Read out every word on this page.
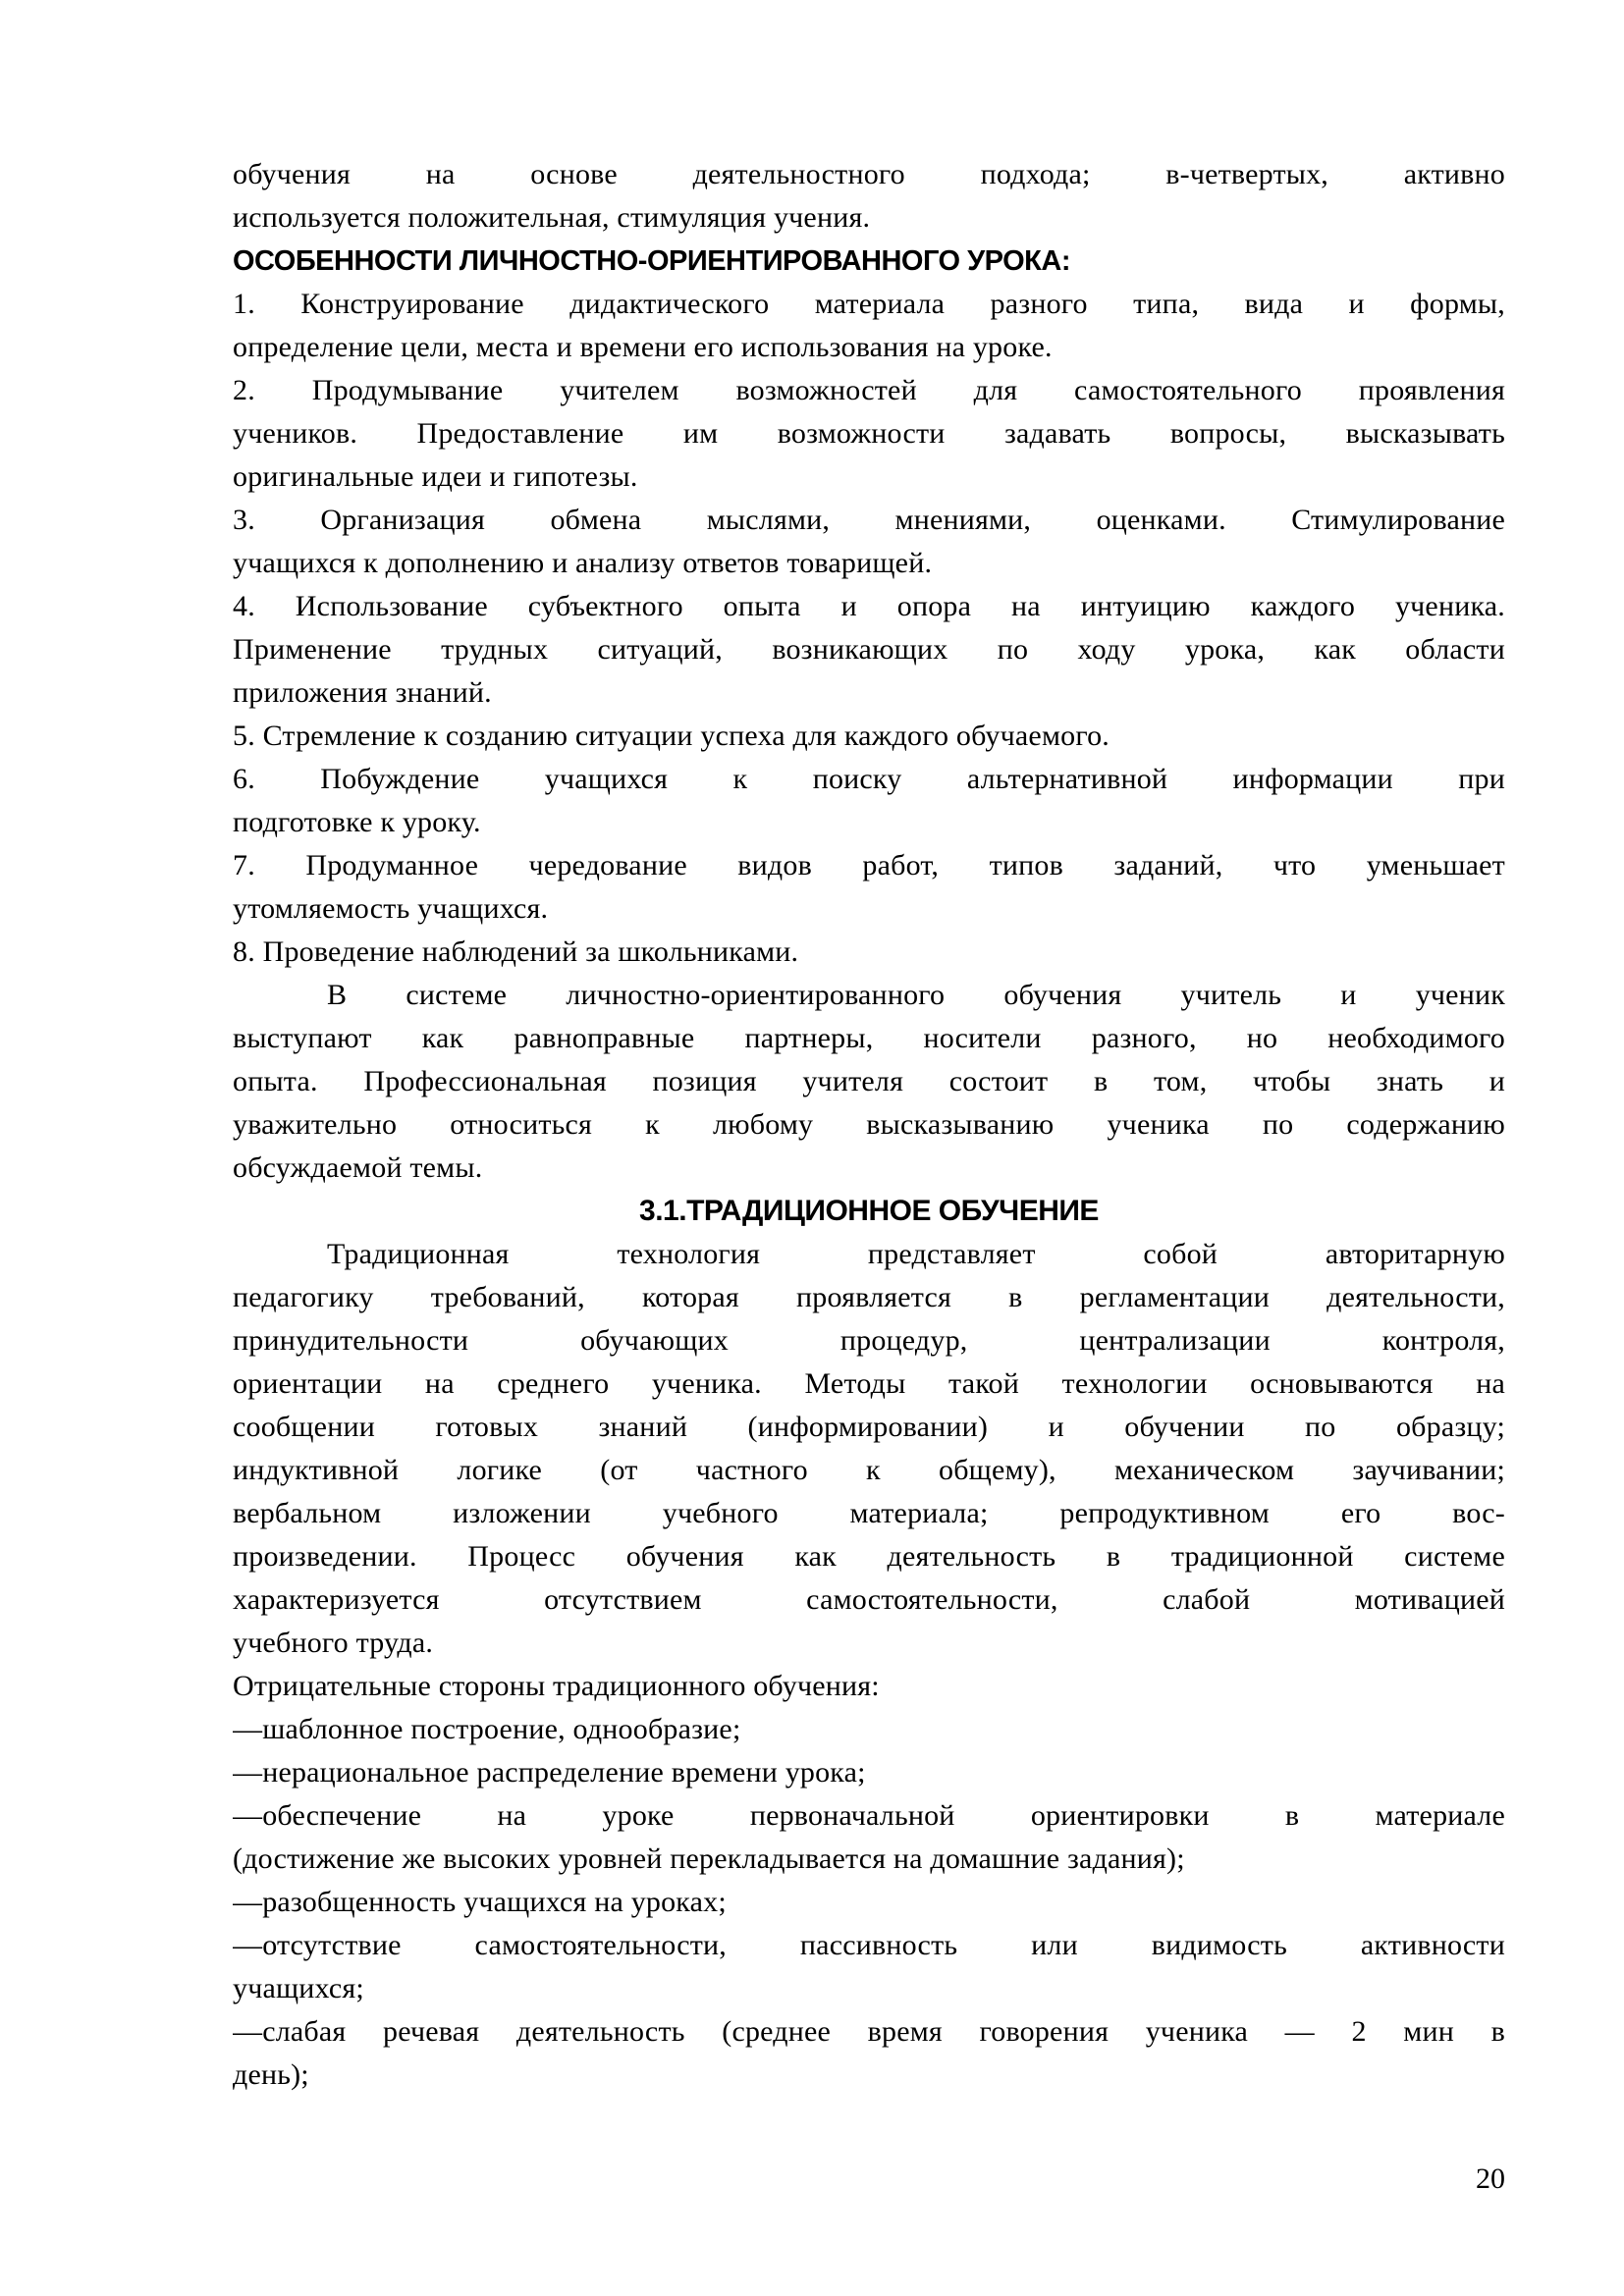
обучения на основе деятельностного подхода; в-четвертых, активно
используется положительная, стимуляция учения.
ОСОБЕННОСТИ ЛИЧНОСТНО-ОРИЕНТИРОВАННОГО УРОКА:
1. Конструирование дидактического материала разного типа, вида и формы,
определение цели, места и времени его использования на уроке.
2. Продумывание учителем возможностей для самостоятельного проявления
учеников. Предоставление им возможности задавать вопросы, высказывать
оригинальные идеи и гипотезы.
3. Организация обмена мыслями, мнениями, оценками. Стимулирование
учащихся к дополнению и анализу ответов товарищей.
4. Использование субъектного опыта и опора на интуицию каждого ученика.
Применение трудных ситуаций, возникающих по ходу урока, как области
приложения знаний.
5. Стремление к созданию ситуации успеха для каждого обучаемого.
6. Побуждение учащихся к поиску альтернативной информации при
подготовке к уроку.
7. Продуманное чередование видов работ, типов заданий, что уменьшает
утомляемость учащихся.
8. Проведение наблюдений за школьниками.
В системе личностно-ориентированного обучения учитель и ученик
выступают как равноправные партнеры, носители разного, но необходимого
опыта. Профессиональная позиция учителя состоит в том, чтобы знать и
уважительно относиться к любому высказыванию ученика по содержанию
обсуждаемой темы.
3.1.ТРАДИЦИОННОЕ ОБУЧЕНИЕ
Традиционная технология представляет собой авторитарную
педагогику требований, которая проявляется в регламентации деятельности,
принудительности обучающих процедур, централизации контроля,
ориентации на среднего ученика. Методы такой технологии основываются на
сообщении готовых знаний (информировании) и обучении по образцу;
индуктивной логике (от частного к общему), механическом заучивании;
вербальном изложении учебного материала; репродуктивном его вос-
произведении. Процесс обучения как деятельность в традиционной системе
характеризуется отсутствием самостоятельности, слабой мотивацией
учебного труда.
Отрицательные стороны традиционного обучения:
—шаблонное построение, однообразие;
—нерациональное распределение времени урока;
—обеспечение на уроке первоначальной ориентировки в материале
(достижение же высоких уровней перекладывается на домашние задания);
—разобщенность учащихся на уроках;
—отсутствие самостоятельности, пассивность или видимость активности
учащихся;
—слабая речевая деятельность (среднее время говорения ученика — 2 мин в
день);
20
